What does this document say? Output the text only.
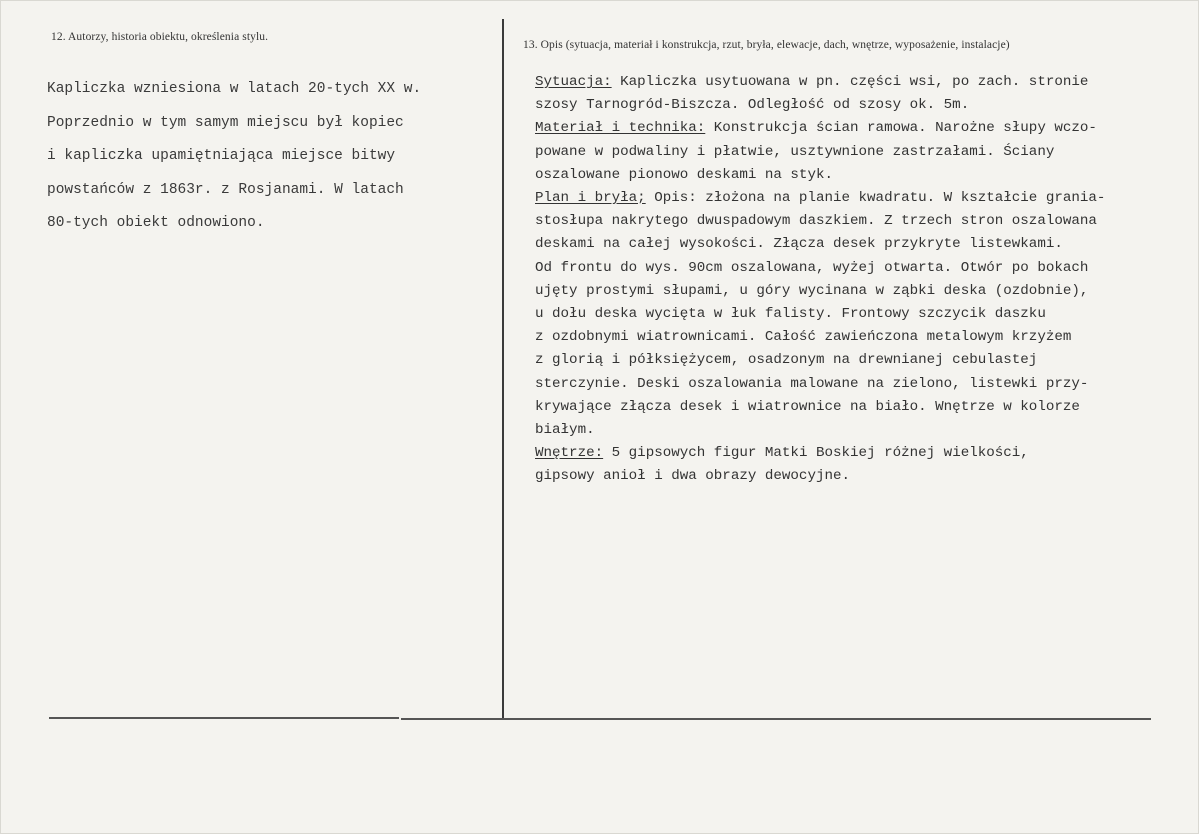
12. Autorzy, historia obiektu, określenia stylu.
13. Opis (sytuacja, materiał i konstrukcja, rzut, bryła, elewacje, dach, wnętrze, wyposażenie, instalacje)
Kapliczka wzniesiona w latach 20-tych XX w.
Poprzednio w tym samym miejscu był kopiec
i kapliczka upamiętniająca miejsce bitwy
powstańców z 1863r. z Rosjanami. W latach
80-tych obiekt odnowiono.
Sytuacja: Kapliczka usytuowana w pn. części wsi, po zach. stronie
szosy Tarnogród-Biszcza. Odległość od szosy ok. 5m.
Materiał i technika: Konstrukcja ścian ramowa. Narożne słupy wczo-
powane w podwaliny i płatwie, usztywnione zastrzałami. Ściany
oszalowane pionowo deskami na styk.
Plan i bryła; Opis: złożona na planie kwadratu. W kształcie grania-
stosłupa nakrytego dwuspadowym daszkiem. Z trzech stron oszalowana
deskami na całej wysokości. Złącza desek przykryte listewkami.
Od frontu do wys. 90cm oszalowana, wyżej otwarta. Otwór po bokach
ujęty prostymi słupami, u góry wycinana w ząbki deska (ozdobnie),
u dołu deska wycięta w łuk falisty. Frontowy szczycik daszku
z ozdobnymi wiatrownicami. Całość zawieńczona metalowym krzyżem
z glorią i półksiężycem, osadzonym na drewnianej cebulastej
sterczynie. Deski oszalowania malowane na zielono, listewki przy-
krywające złącza desek i wiatrownice na biało. Wnętrze w kolorze
białym.
Wnętrze: 5 gipsowych figur Matki Boskiej różnej wielkości,
gipsowy anioł i dwa obrazy dewocyjne.
